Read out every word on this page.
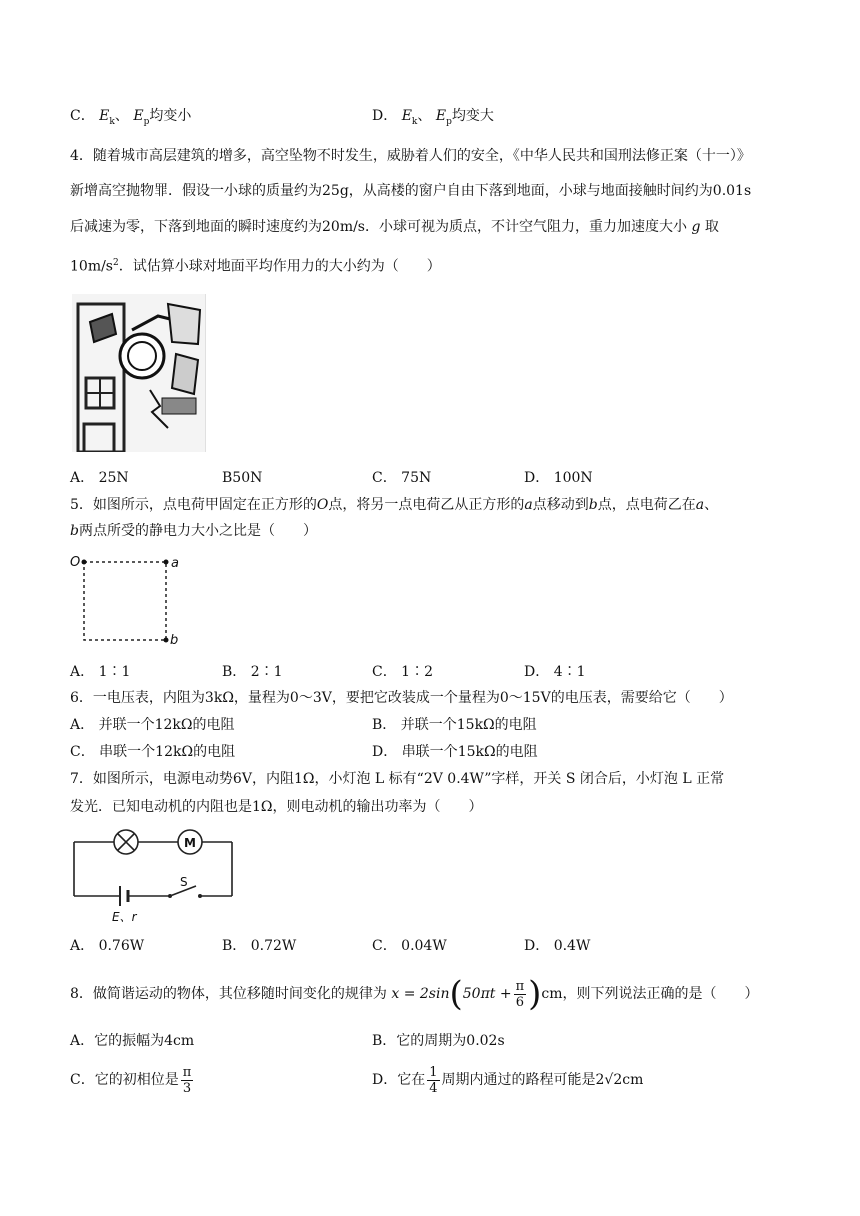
C． $E_k$、 $E_p$均变小	D． $E_k$、 $E_p$均变大
4．随着城市高层建筑的增多，高空坠物不时发生，威胁着人们的安全，《中华人民共和国刑法修正案（十一）》
新增高空抛物罪．假设一小球的质量约为25g，从高楼的窗户自由下落到地面，小球与地面接触时间约为0.01s
后减速为零，下落到地面的瞬时速度约为20m/s．小球可视为质点，不计空气阻力，重力加速度大小 g 取
$10m/s^2$．试估算小球对地面平均作用力的大小约为（　　）
A． 25N	B50N	C． 75N	D． 100N
5．如图所示，点电荷甲固定在正方形的O点，将另一点电荷乙从正方形的a点移动到b点，点电荷乙在a、
b两点所受的静电力大小之比是（　　）
O	a
b
A． 1∶1	B． 2∶1	C． 1∶2	D． 4∶1
6．一电压表，内阻为3kΩ，量程为0～3V，要把它改装成一个量程为0～15V的电压表，需要给它（　　）
A． 并联一个12kΩ的电阻	B． 并联一个15kΩ的电阻
C． 串联一个12kΩ的电阻	D． 串联一个15kΩ的电阻
7．如图所示，电源电动势6V，内阻1Ω，小灯泡 L 标有“2V 0.4W”字样，开关 S 闭合后，小灯泡 L 正常
发光．已知电动机的内阻也是1Ω，则电动机的输出功率为（　　）
M
S
E、r
A． 0.76W	B． 0.72W	C． 0.04W	D． 0.4W
8．做简谐运动的物体，其位移随时间变化的规律为 $x = 2\sin(50\pi t + \frac{\pi}{6} )cm$，则下列说法正确的是（　　）
A．它的振幅为4cm	B．它的周期为0.02s
C．它的初相位是 $\frac{\pi}{3}$	D．它在 $\frac{1}{4}$ 周期内通过的路程可能是2√2cm
